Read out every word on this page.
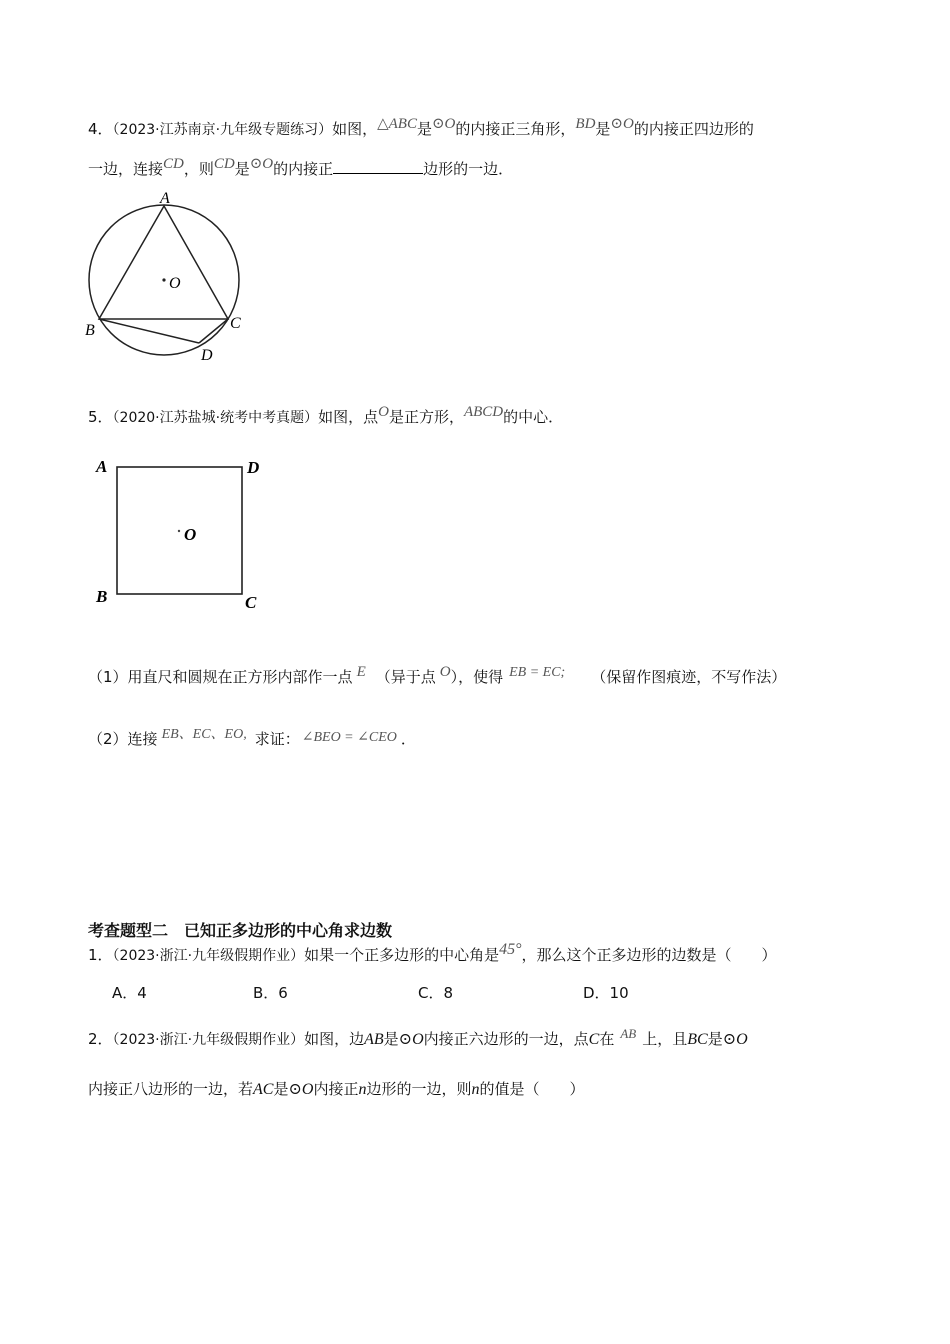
4．（2023·江苏南京·九年级专题练习）如图，△ABC是⊙O的内接正三角形，BD是⊙O的内接正四边形的
一边，连接CD，则CD是⊙O的内接正	边形的一边．
A
B	C
D
O
5．（2020·江苏盐城·统考中考真题）如图，点O是正方形，ABCD的中心．
A	D
B	C
O
（1）用直尺和圆规在正方形内部作一点 E （异于点 O），使得 EB = EC; （保留作图痕迹，不写作法）
（2）连接 EB、EC、EO, 求证： ∠BEO = ∠CEO ．
考查题型二　已知正多边形的中心角求边数
1．（2023·浙江·九年级假期作业）如果一个正多边形的中心角是45°，那么这个正多边形的边数是（　　）
A．4	B．6	C．8	D．10
2．（2023·浙江·九年级假期作业）如图，边AB是⊙O内接正六边形的一边，点C在 AB 上，且BC是⊙O
内接正八边形的一边，若AC是⊙O内接正n边形的一边，则n的值是（　　）
